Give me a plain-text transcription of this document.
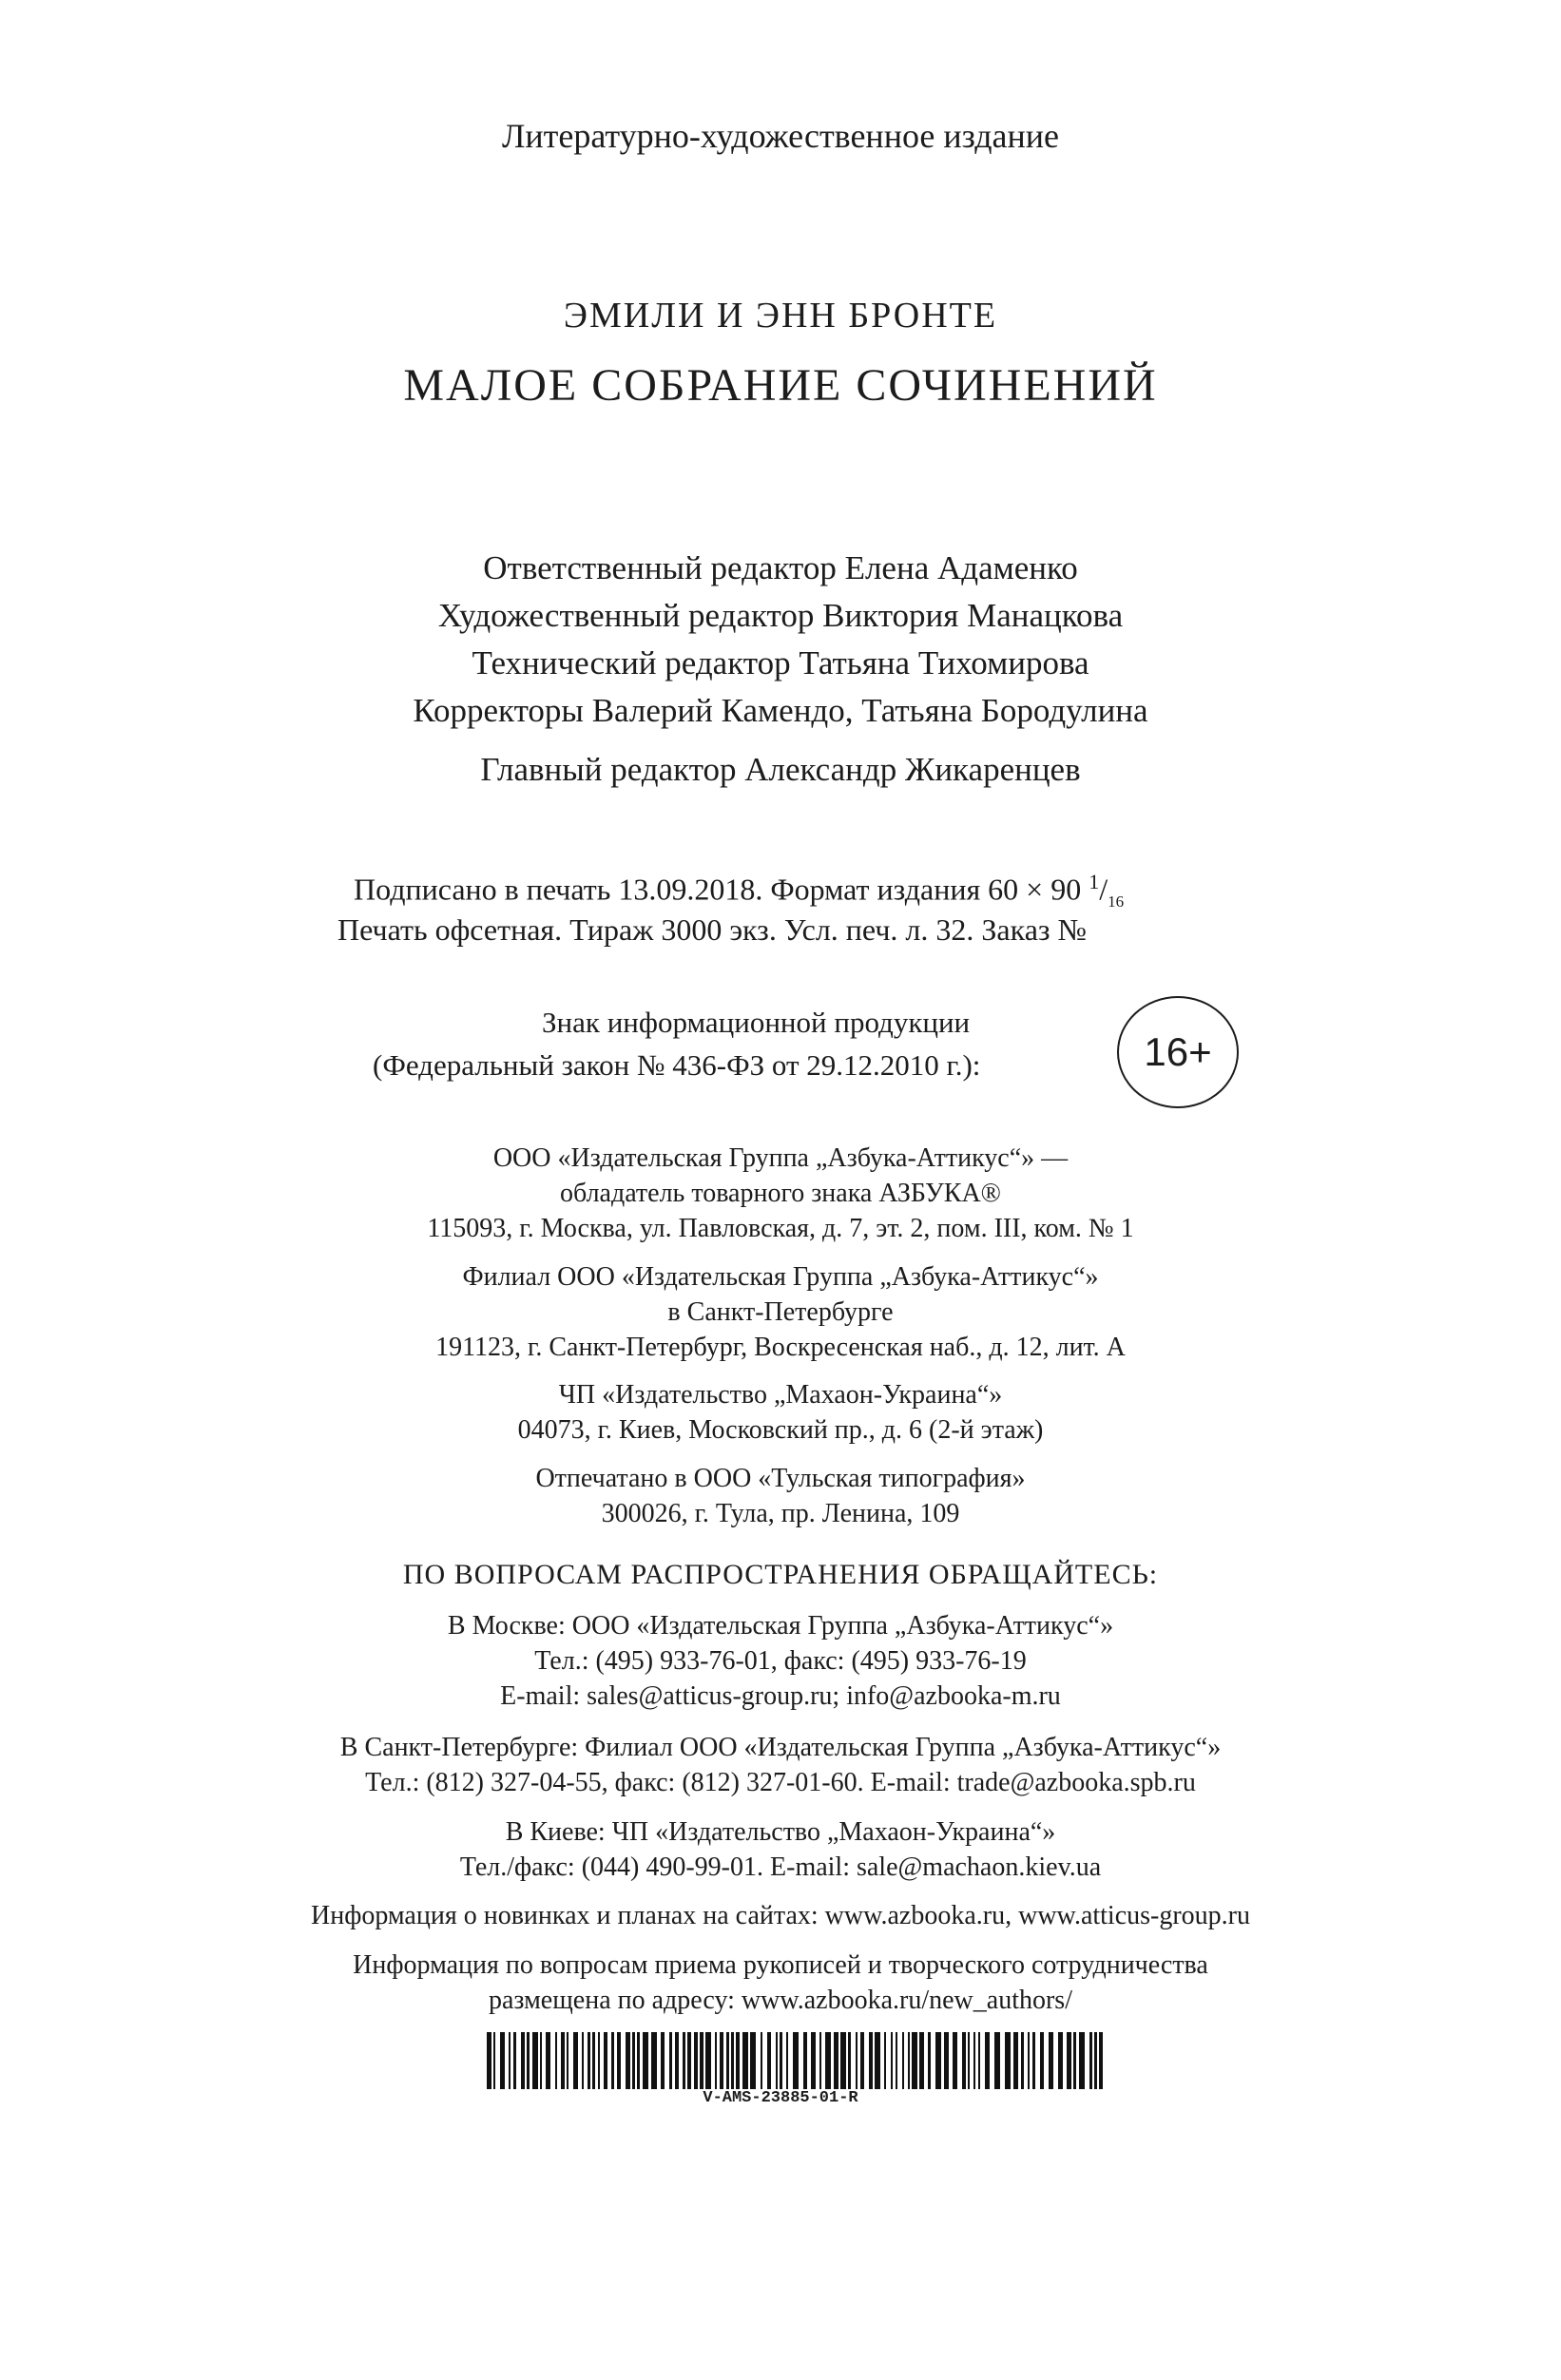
Литературно-художественное издание
ЭМИЛИ И ЭНН БРОНТЕ
МАЛОЕ СОБРАНИЕ СОЧИНЕНИЙ
Ответственный редактор Елена Адаменко
Художественный редактор Виктория Манацкова
Технический редактор Татьяна Тихомирова
Корректоры Валерий Камендо, Татьяна Бородулина
Главный редактор Александр Жикаренцев
Подписано в печать 13.09.2018. Формат издания 60 × 90 $^1/_{16}$
Печать офсетная. Тираж 3000 экз. Усл. печ. л. 32. Заказ №
Знак информационной продукции
(Федеральный закон № 436-ФЗ от 29.12.2010 г.):	16+
ООО «Издательская Группа „Азбука-Аттикус“» —
обладатель товарного знака АЗБУКА®
115093, г. Москва, ул. Павловская, д. 7, эт. 2, пом. III, ком. № 1
Филиал ООО «Издательская Группа „Азбука-Аттикус“»
в Санкт-Петербурге
191123, г. Санкт-Петербург, Воскресенская наб., д. 12, лит. А
ЧП «Издательство „Махаон-Украина“»
04073, г. Киев, Московский пр., д. 6 (2-й этаж)
Отпечатано в ООО «Тульская типография»
300026, г. Тула, пр. Ленина, 109
ПО ВОПРОСАМ РАСПРОСТРАНЕНИЯ ОБРАЩАЙТЕСЬ:
В Москве: ООО «Издательская Группа „Азбука-Аттикус“»
Тел.: (495) 933-76-01, факс: (495) 933-76-19
E-mail: sales@atticus-group.ru; info@azbooka-m.ru
В Санкт-Петербурге: Филиал ООО «Издательская Группа „Азбука-Аттикус“»
Тел.: (812) 327-04-55, факс: (812) 327-01-60. E-mail: trade@azbooka.spb.ru
В Киеве: ЧП «Издательство „Махаон-Украина“»
Тел./факс: (044) 490-99-01. E-mail: sale@machaon.kiev.ua
Информация о новинках и планах на сайтах: www.azbooka.ru, www.atticus-group.ru
Информация по вопросам приема рукописей и творческого сотрудничества
размещена по адресу: www.azbooka.ru/new_authors/
V-AMS-23885-01-R
